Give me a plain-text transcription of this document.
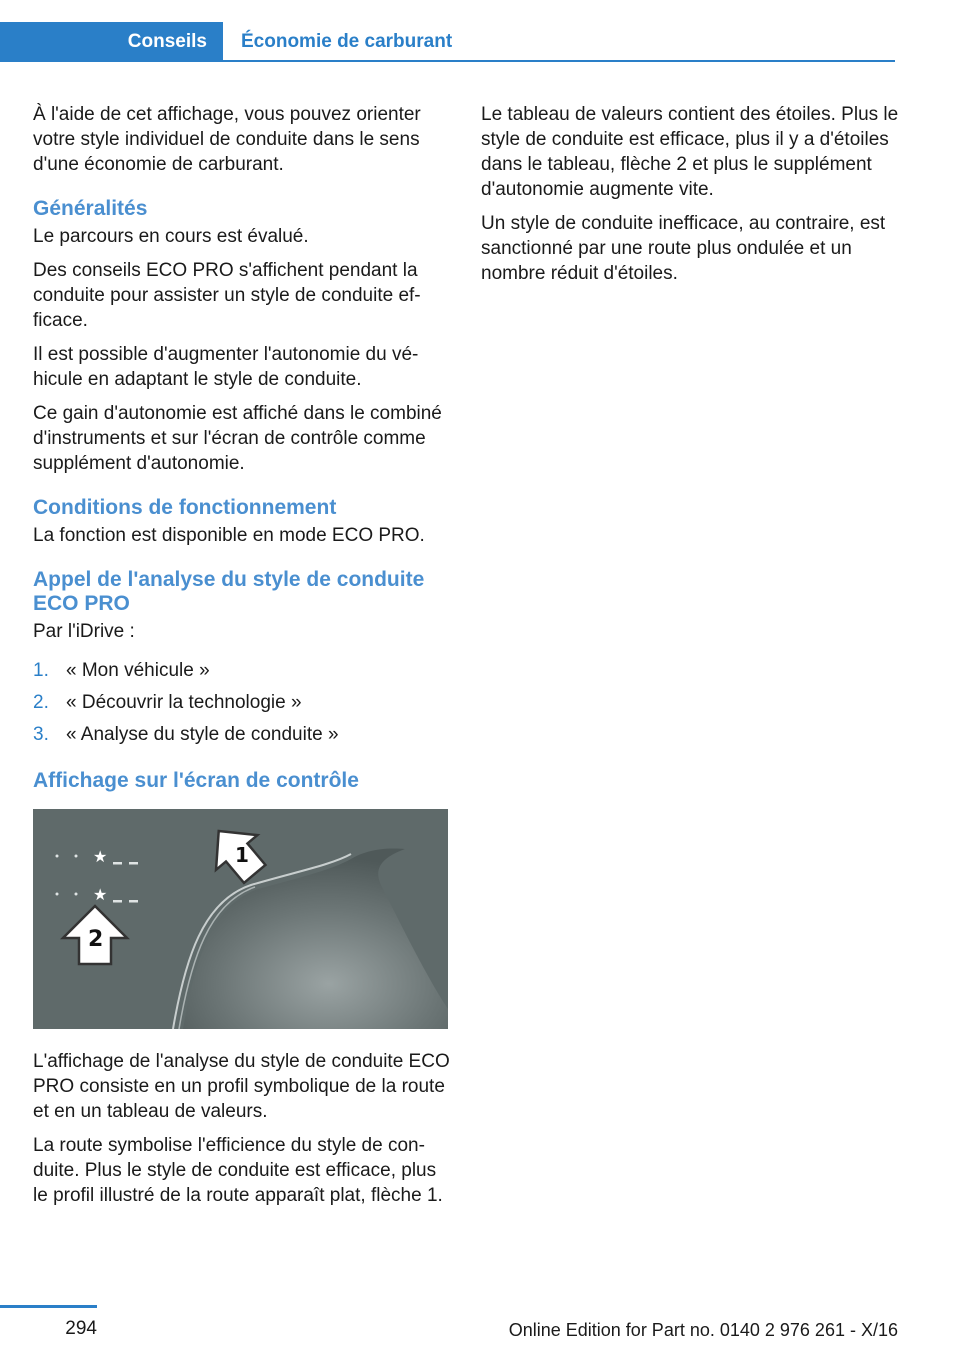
Conseils	Économie de carburant

À l'aide de cet affichage, vous pouvez orienter votre style individuel de conduite dans le sens d'une économie de carburant.

Généralités

Le parcours en cours est évalué.

Des conseils ECO PRO s'affichent pendant la conduite pour assister un style de conduite efficace.

Il est possible d'augmenter l'autonomie du véhicule en adaptant le style de conduite.

Ce gain d'autonomie est affiché dans le combiné d'instruments et sur l'écran de contrôle comme supplément d'autonomie.

Conditions de fonctionnement

La fonction est disponible en mode ECO PRO.

Appel de l'analyse du style de conduite ECO PRO

Par l'iDrive :

1. « Mon véhicule »
2. « Découvrir la technologie »
3. « Analyse du style de conduite »
Affichage sur l'écran de contrôle
★
★
1
2

L'affichage de l'analyse du style de conduite ECO PRO consiste en un profil symbolique de la route et en un tableau de valeurs.

La route symbolise l'efficience du style de conduite. Plus le style de conduite est efficace, plus le profil illustré de la route apparaît plat, flèche 1.

Le tableau de valeurs contient des étoiles. Plus le style de conduite est efficace, plus il y a d'étoiles dans le tableau, flèche 2 et plus le supplément d'autonomie augmente vite.

Un style de conduite inefficace, au contraire, est sanctionné par une route plus ondulée et un nombre réduit d'étoiles.

294	Online Edition for Part no. 0140 2 976 261 - X/16
